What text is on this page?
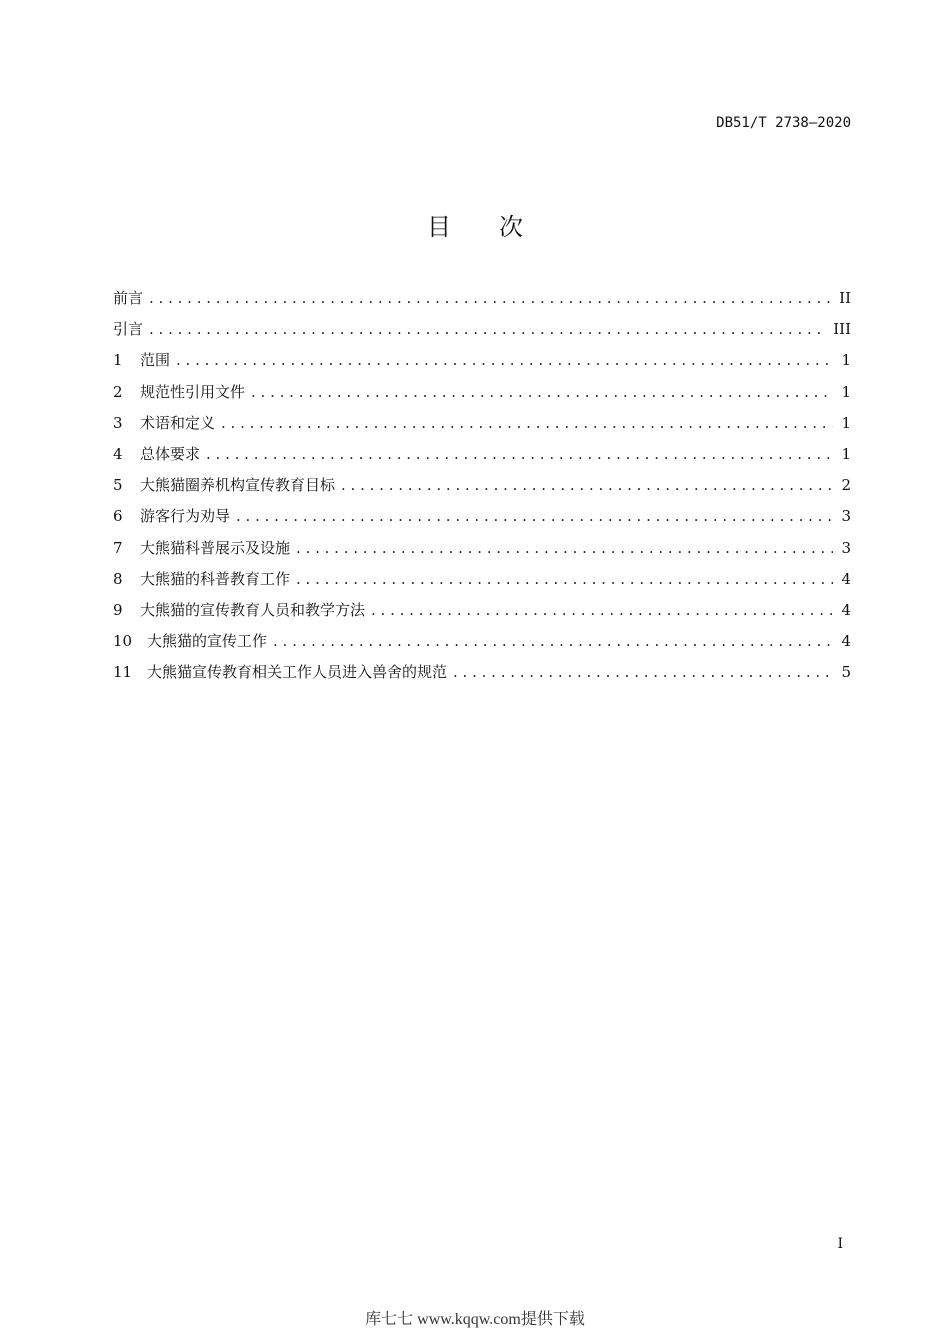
DB51/T 2738—2020
目次
前言 . . .	II
引言 . . .	III
1	范围 . . .	1
2	规范性引用文件 . . .	1
3	术语和定义 . . .	1
4	总体要求 . . .	1
5	大熊猫圈养机构宣传教育目标 . . .	2
6	游客行为劝导 . . .	3
7	大熊猫科普展示及设施 . . .	3
8	大熊猫的科普教育工作 . . .	4
9	大熊猫的宣传教育人员和教学方法 . . .	4
10 大熊猫的宣传工作 . . .	4
11 大熊猫宣传教育相关工作人员进入兽舍的规范 . . .	5
I
库七七 www.kqqw.com提供下载
